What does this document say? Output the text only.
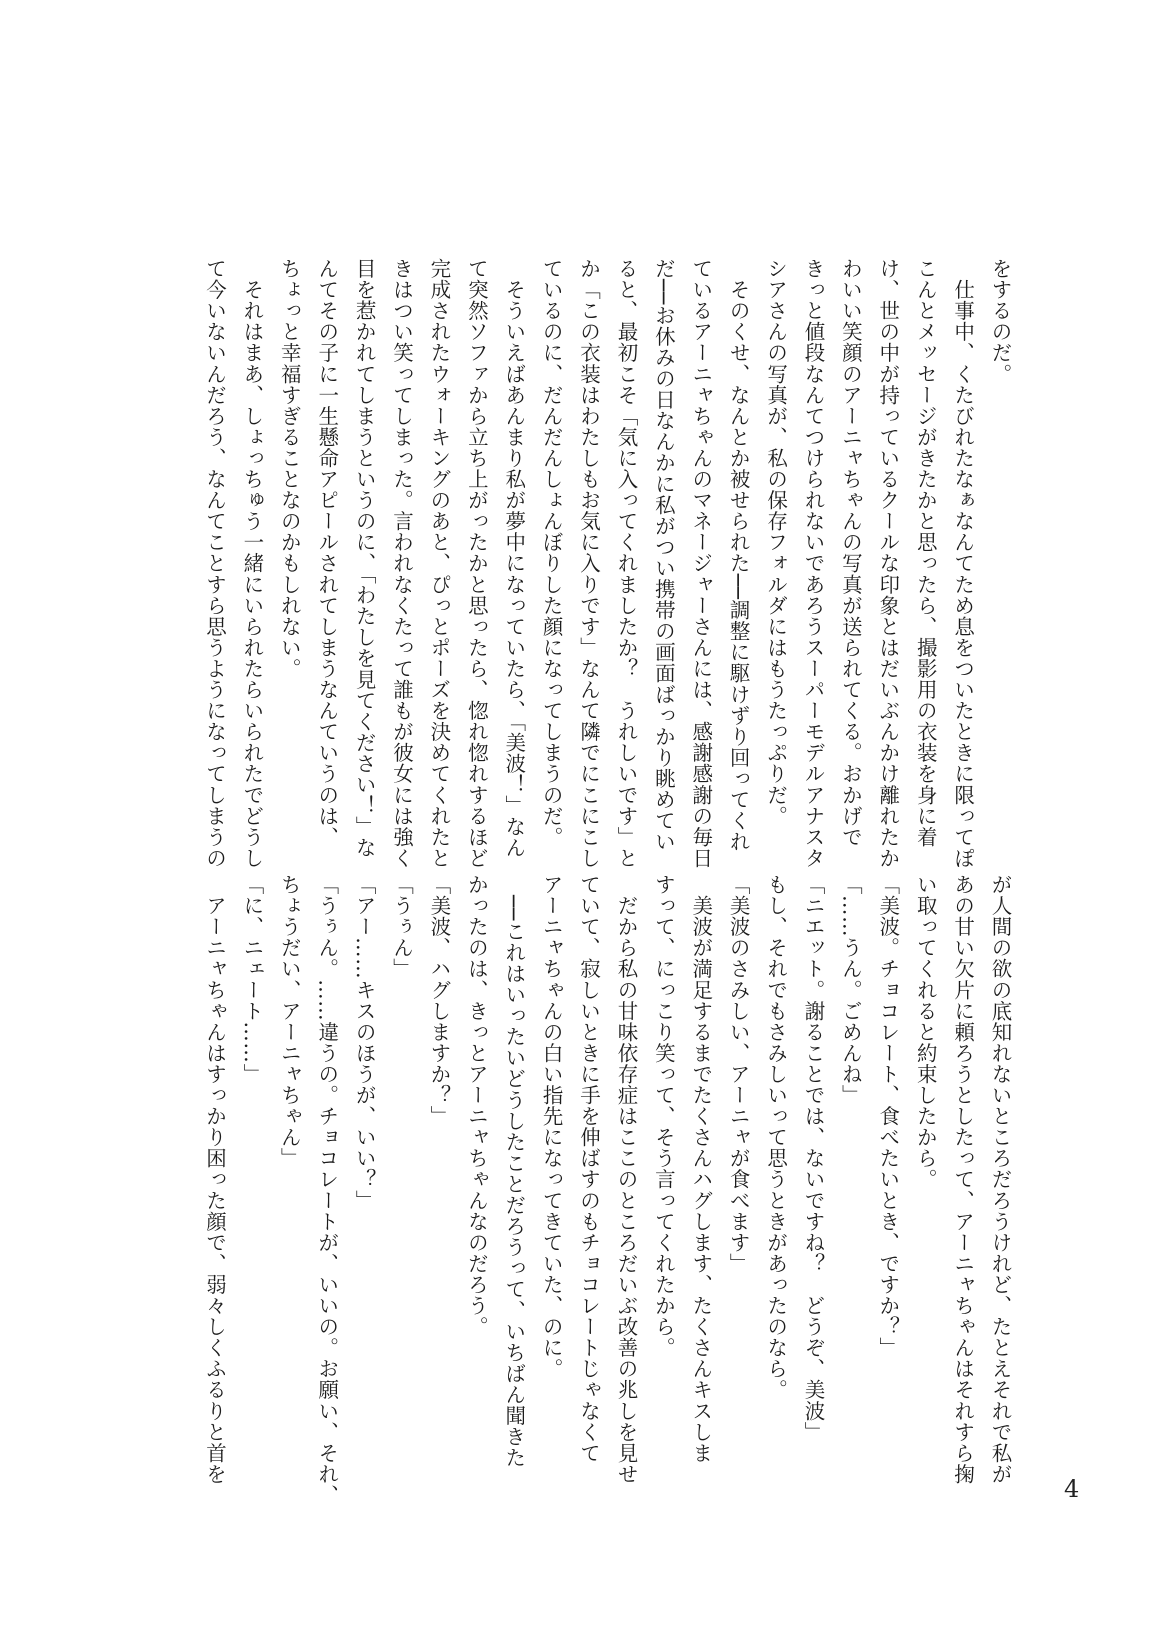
をするのだ。
　仕事中、くたびれたなぁなんてため息をついたときに限ってぽ
こんとメッセージがきたかと思ったら、撮影用の衣装を身に着
け、世の中が持っているクールな印象とはだいぶんかけ離れたか
わいい笑顔のアーニャちゃんの写真が送られてくる。おかげで
きっと値段なんてつけられないであろうスーパーモデルアナスタ
シアさんの写真が、私の保存フォルダにはもうたっぷりだ。
　そのくせ、なんとか被せられた──調整に駆けずり回ってくれ
ているアーニャちゃんのマネージャーさんには、感謝感謝の毎日
だ──お休みの日なんかに私がつい携帯の画面ばっかり眺めてい
ると、最初こそ「気に入ってくれましたか？　うれしいです」と
か「この衣装はわたしもお気に入りです」なんて隣でにこにこし
ているのに、だんだんしょんぼりした顔になってしまうのだ。
　そういえばあんまり私が夢中になっていたら、「美波！」なん
て突然ソファから立ち上がったかと思ったら、惚れ惚れするほど
完成されたウォーキングのあと、ぴっとポーズを決めてくれたと
きはつい笑ってしまった。言われなくたって誰もが彼女には強く
目を惹かれてしまうというのに、「わたしを見てください！」な
んてその子に一生懸命アピールされてしまうなんていうのは、
ちょっと幸福すぎることなのかもしれない。
　それはまあ、しょっちゅう一緒にいられたらいられたでどうし
て今いないんだろう、なんてことすら思うようになってしまうの
が人間の欲の底知れないところだろうけれど、たとえそれで私が
あの甘い欠片に頼ろうとしたって、アーニャちゃんはそれすら掬
い取ってくれると約束したから。
「美波。チョコレート、食べたいとき、ですか？」
「……うん。ごめんね」
「ニエット。謝ることでは、ないですね？　どうぞ、美波」
もし、それでもさみしいって思うときがあったのなら。
「美波のさみしい、アーニャが食べます」
　美波が満足するまでたくさんハグします、たくさんキスしま
すって、にっこり笑って、そう言ってくれたから。
　だから私の甘味依存症はここのところだいぶ改善の兆しを見せ
ていて、寂しいときに手を伸ばすのもチョコレートじゃなくて
アーニャちゃんの白い指先になってきていた、のに。
　──これはいったいどうしたことだろうって、いちばん聞きた
かったのは、きっとアーニャちゃんなのだろう。
「美波、ハグしますか？」
「うぅん」
「アー……キスのほうが、いい？」
「うぅん。……違うの。チョコレートが、いいの。お願い、それ、
ちょうだい、アーニャちゃん」
「に、ニェート……」
　アーニャちゃんはすっかり困った顔で、弱々しくふるりと首を
4
